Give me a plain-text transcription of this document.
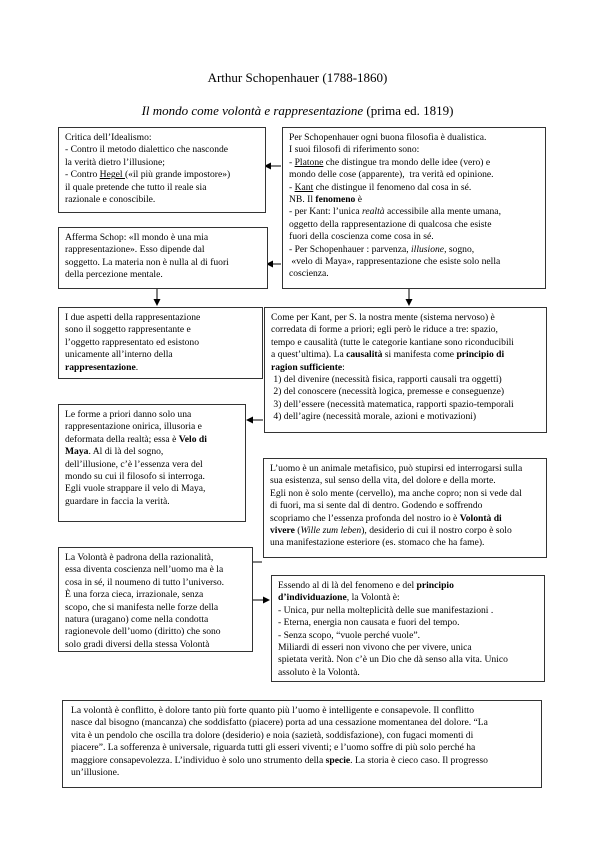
Arthur Schopenhauer (1788-1860)
Il mondo come volontà e rappresentazione (prima ed. 1819)
Critica dell’Idealismo:
- Contro il metodo dialettico che nasconde
la verità dietro l’illusione;
- Contro Hegel («il più grande impostore»)
il quale pretende che tutto il reale sia
razionale e conoscibile.
Per Schopenhauer ogni buona filosofia è dualistica.
I suoi filosofi di riferimento sono:
- Platone che distingue tra mondo delle idee (vero) e
mondo delle cose (apparente),  tra verità ed opinione.
- Kant che distingue il fenomeno dal cosa in sé.
NB. Il fenomeno è
- per Kant: l’unica realtà accessibile alla mente umana,
oggetto della rappresentazione di qualcosa che esiste
fuori della coscienza come cosa in sé.
- Per Schopenhauer : parvenza, illusione, sogno,
«velo di Maya», rappresentazione che esiste solo nella
coscienza.
Afferma Schop: «Il mondo è una mia
rappresentazione». Esso dipende dal
soggetto. La materia non è nulla al di fuori
della percezione mentale.
I due aspetti della rappresentazione
sono il soggetto rappresentante e
l’oggetto rappresentato ed esistono
unicamente all’interno della
rappresentazione.
Come per Kant, per S. la nostra mente (sistema nervoso) è
corredata di forme a priori; egli però le riduce a tre: spazio,
tempo e causalità (tutte le categorie kantiane sono riconducibili
a quest’ultima). La causalità si manifesta come principio di
ragion sufficiente:
1) del divenire (necessità fisica, rapporti causali tra oggetti)
2) del conoscere (necessità logica, premesse e conseguenze)
3) dell’essere (necessità matematica, rapporti spazio-temporali
4) dell’agire (necessità morale, azioni e motivazioni)
Le forme a priori danno solo una
rappresentazione onirica, illusoria e
deformata della realtà; essa è Velo di
Maya. Al di là del sogno,
dell’illusione, c’è l’essenza vera del
mondo su cui il filosofo si interroga.
Egli vuole strappare il velo di Maya,
guardare in faccia la verità.
L’uomo è un animale metafisico, può stupirsi ed interrogarsi sulla
sua esistenza, sul senso della vita, del dolore e della morte.
Egli non è solo mente (cervello), ma anche copro; non si vede dal
di fuori, ma si sente dal di dentro. Godendo e soffrendo
scopriamo che l’essenza profonda del nostro io è Volontà di
vivere (Wille zum leben), desiderio di cui il nostro corpo è solo
una manifestazione esteriore (es. stomaco che ha fame).
La Volontà è padrona della razionalità,
essa diventa coscienza nell’uomo ma è la
cosa in sé, il noumeno di tutto l’universo.
È una forza cieca, irrazionale, senza
scopo, che si manifesta nelle forze della
natura (uragano) come nella condotta
ragionevole dell’uomo (diritto) che sono
solo gradi diversi della stessa Volontà
Essendo al di là del fenomeno e del principio
d’individuazione, la Volontà è:
- Unica, pur nella molteplicità delle sue manifestazioni .
- Eterna, energia non causata e fuori del tempo.
- Senza scopo, “vuole perché vuole”.
Miliardi di esseri non vivono che per vivere, unica
spietata verità. Non c’è un Dio che dà senso alla vita. Unico
assoluto è la Volontà.
La volontà è conflitto, è dolore tanto più forte quanto più l’uomo è intelligente e consapevole. Il conflitto
nasce dal bisogno (mancanza) che soddisfatto (piacere) porta ad una cessazione momentanea del dolore. “La
vita è un pendolo che oscilla tra dolore (desiderio) e noia (sazietà, soddisfazione), con fugaci momenti di
piacere”. La sofferenza è universale, riguarda tutti gli esseri viventi; e l’uomo soffre di più solo perché ha
maggiore consapevolezza. L’individuo è solo uno strumento della specie. La storia è cieco caso. Il progresso
un’illusione.
